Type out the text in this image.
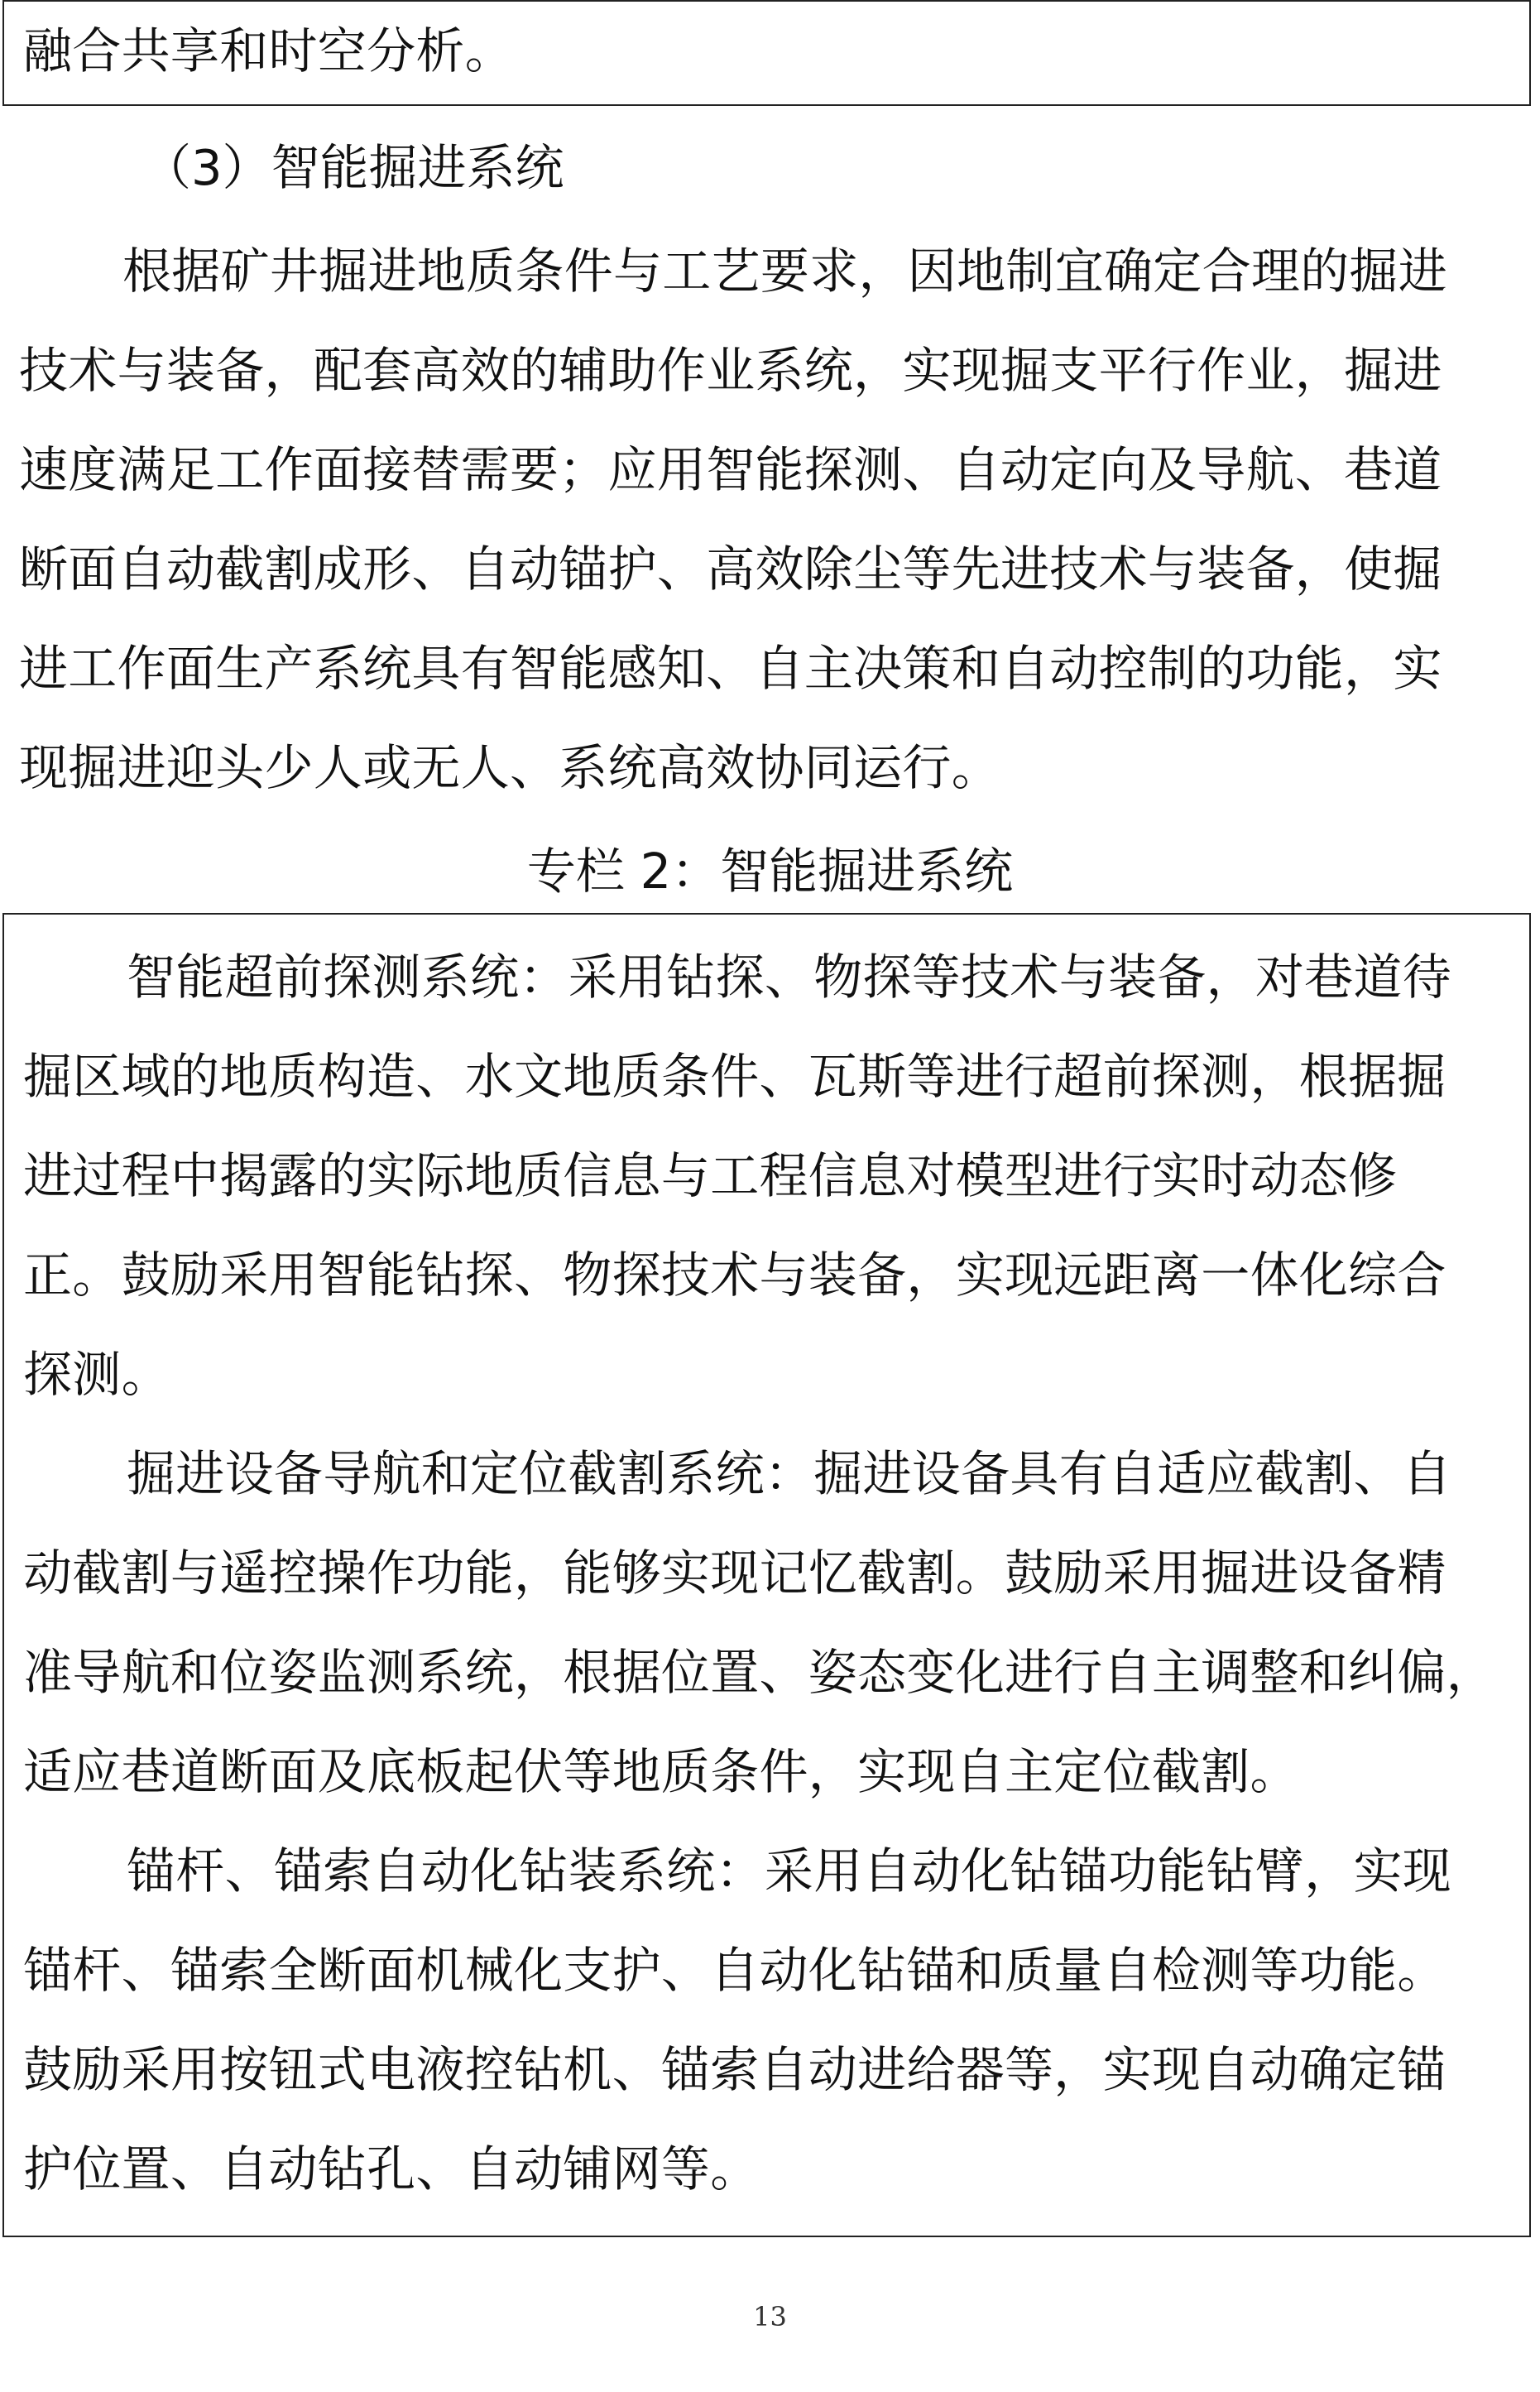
融合共享和时空分析。
（3）智能掘进系统
根据矿井掘进地质条件与工艺要求，因地制宜确定合理的掘进
技术与装备，配套高效的辅助作业系统，实现掘支平行作业，掘进
速度满足工作面接替需要；应用智能探测、自动定向及导航、巷道
断面自动截割成形、自动锚护、高效除尘等先进技术与装备，使掘
进工作面生产系统具有智能感知、自主决策和自动控制的功能，实
现掘进迎头少人或无人、系统高效协同运行。
专栏 2：智能掘进系统
智能超前探测系统：采用钻探、物探等技术与装备，对巷道待
掘区域的地质构造、水文地质条件、瓦斯等进行超前探测，根据掘
进过程中揭露的实际地质信息与工程信息对模型进行实时动态修
正。鼓励采用智能钻探、物探技术与装备，实现远距离一体化综合
探测。
掘进设备导航和定位截割系统：掘进设备具有自适应截割、自
动截割与遥控操作功能，能够实现记忆截割。鼓励采用掘进设备精
准导航和位姿监测系统，根据位置、姿态变化进行自主调整和纠偏，
适应巷道断面及底板起伏等地质条件，实现自主定位截割。
锚杆、锚索自动化钻装系统：采用自动化钻锚功能钻臂，实现
锚杆、锚索全断面机械化支护、自动化钻锚和质量自检测等功能。
鼓励采用按钮式电液控钻机、锚索自动进给器等，实现自动确定锚
护位置、自动钻孔、自动铺网等。
13
